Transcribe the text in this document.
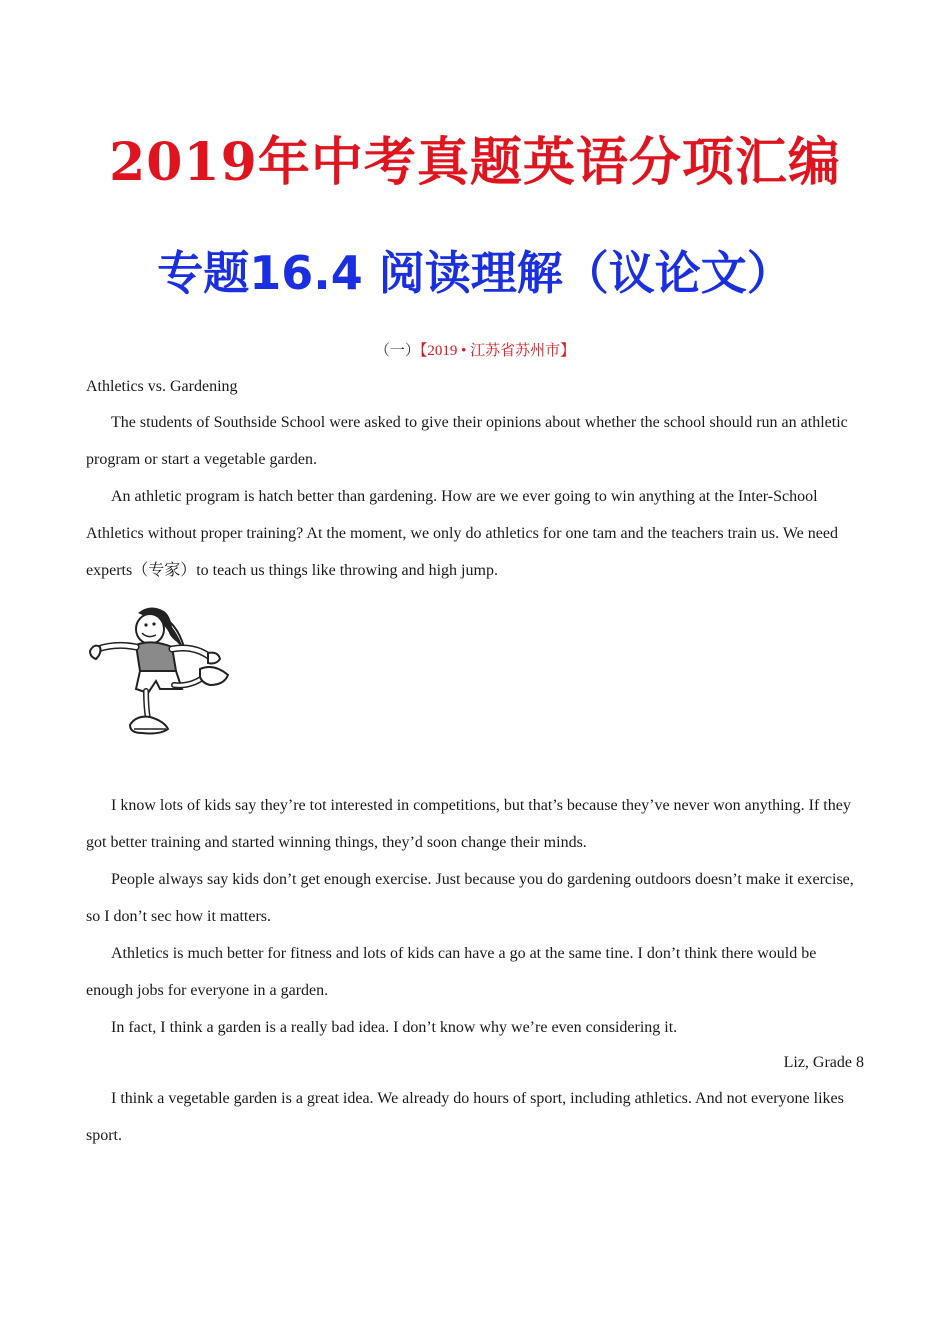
2019年中考真题英语分项汇编
专题16.4 阅读理解（议论文）
（一）【2019 • 江苏省苏州市】

Athletics vs. Gardening

The students of Southside School were asked to give their opinions about whether the school should run an athletic program or start a vegetable garden.

An athletic program is hatch better than gardening. How are we ever going to win anything at the Inter-School Athletics without proper training? At the moment, we only do athletics for one tam and the teachers train us. We need experts（专家）to teach us things like throwing and high jump.

I know lots of kids say they’re tot interested in competitions, but that’s because they’ve never won anything. If they got better training and started winning things, they’d soon change their minds.

People always say kids don’t get enough exercise. Just because you do gardening outdoors doesn’t make it exercise, so I don’t sec how it matters.

Athletics is much better for fitness and lots of kids can have a go at the same tine. I don’t think there would be enough jobs for everyone in a garden.

In fact, I think a garden is a really bad idea. I don’t know why we’re even considering it.

Liz, Grade 8

I think a vegetable garden is a great idea. We already do hours of sport, including athletics. And not everyone likes sport.
